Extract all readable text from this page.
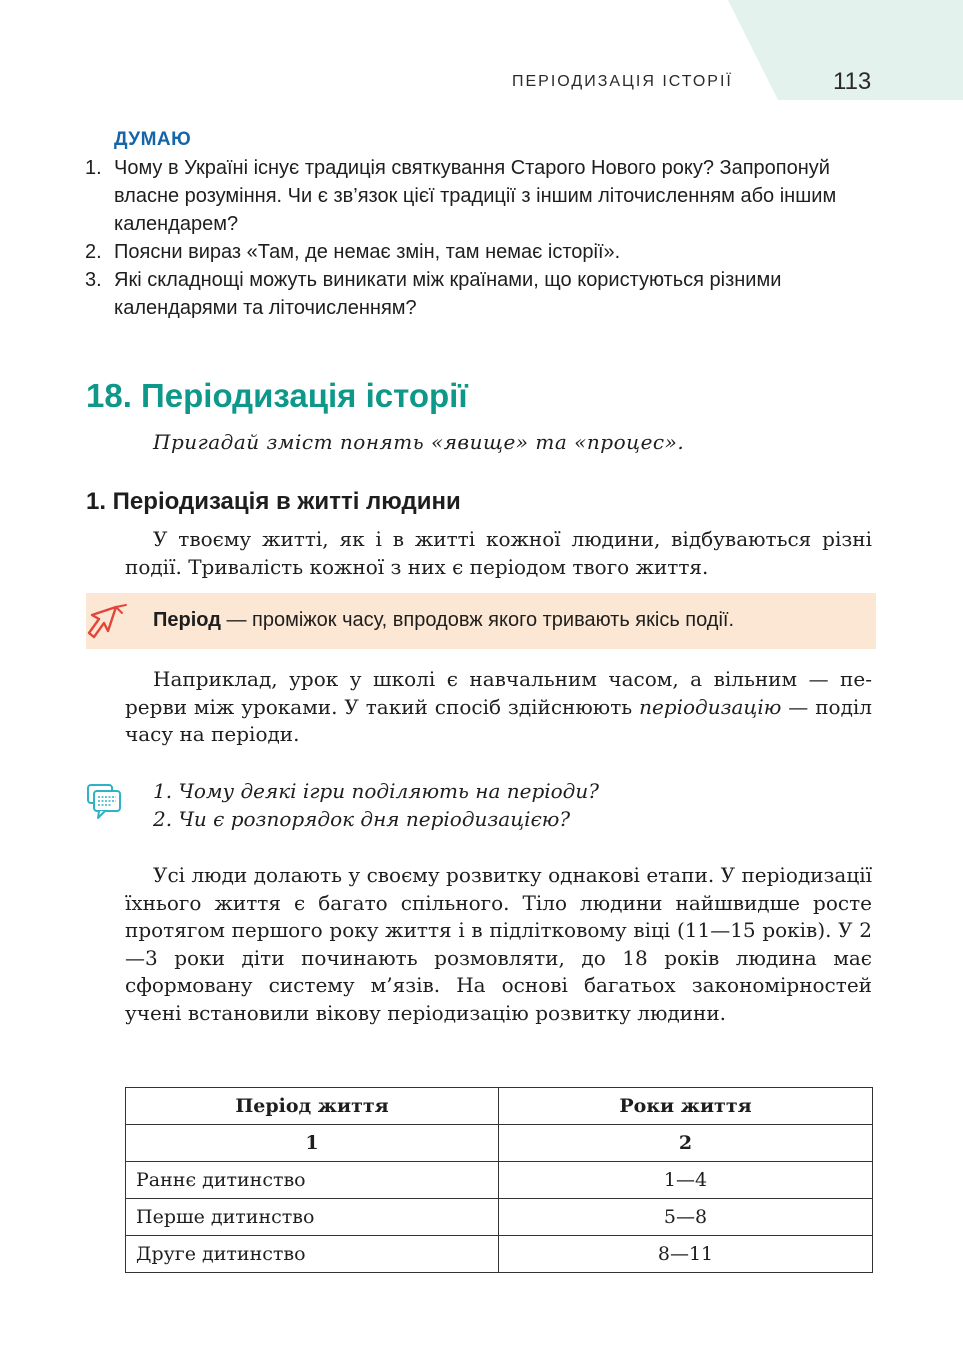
ПЕРІОДИЗАЦІЯ ІСТОРІЇ	113
ДУМАЮ
1. Чому в Україні існує традиція святкування Старого Нового року? Запропонуй власне розуміння. Чи є зв’язок цієї традиції з іншим літочисленням або іншим календарем?
2. Поясни вираз «Там, де немає змін, там немає історії».
3. Які складнощі можуть виникати між країнами, що користуються різними календарями та літочисленням?
18. Періодизація історії
Пригадай зміст понять «явище» та «процес».
1. Періодизація в житті людини

У твоєму житті, як і в житті кожної людини, відбуваються різні події. Тривалість кожної з них є періодом твого життя.

Період — проміжок часу, впродовж якого тривають якісь події.

Наприклад, урок у школі є навчальним часом, а вільним — перерви між уроками. У такий спосіб здійснюють періодизацію — поділ часу на періоди.

1. Чому деякі ігри поділяють на періоди?
2. Чи є розпорядок дня періодизацією?

Усі люди долають у своєму розвитку однакові етапи. У періодизації їхнього життя є багато спільного. Тіло людини найшвидше росте протягом першого року життя і в підлітковому віці (11—15 років). У 2—3 роки діти починають розмовляти, до 18 років людина має сформовану систему м’язів. На основі багатьох закономірностей учені встановили вікову періодизацію розвитку людини.

Період життя	Роки життя
1	2
Раннє дитинство	1—4
Перше дитинство	5—8
Друге дитинство	8—11
